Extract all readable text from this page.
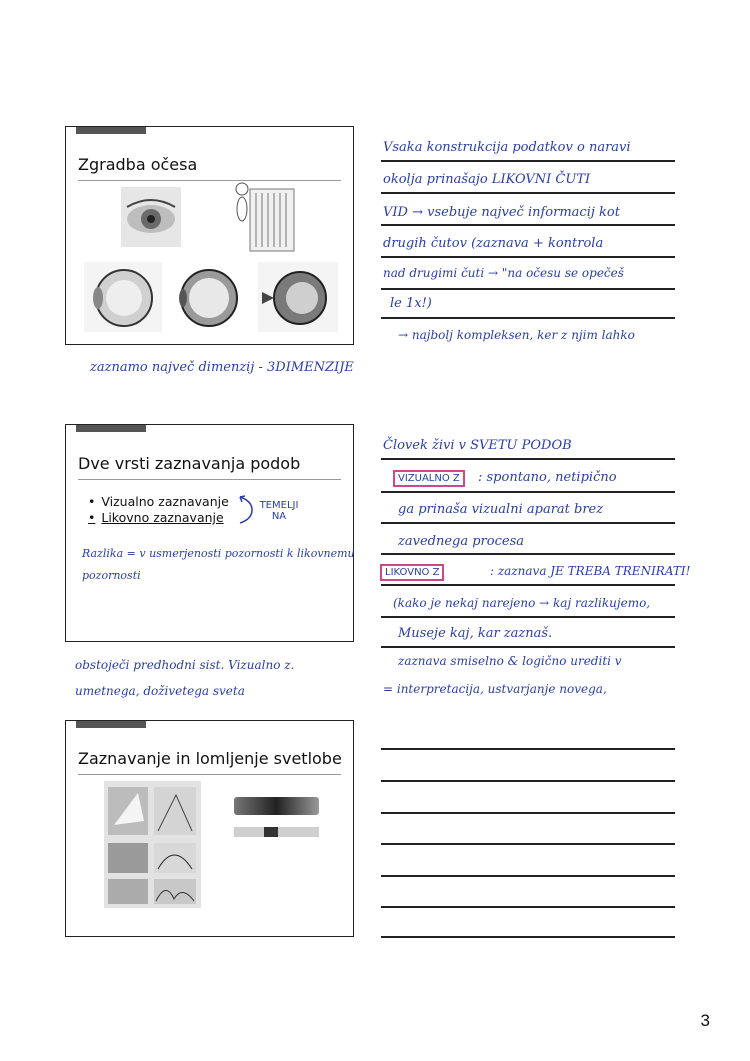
Zgradba očesa
Vsaka konstrukcija podatkov o naravi
okolja prinašajo LIKOVNI ČUTI
VID → vsebuje največ informacij kot
drugih čutov (zaznava + kontrola
nad drugimi čuti → "na očesu se opečeš
le 1x!)
→ najbolj kompleksen, ker z njim lahko
zaznamo največ dimenzij - 3DIMENZIJE
Dve vrsti zaznavanja podob
• Vizualno zaznavanje
• Likovno zaznavanje
TEMELJI NA
Razlika = v usmerjenosti pozornosti k likovnemu
pozornosti
Človek živi v SVETU PODOB
VIZUALNO Z	: spontano, netipično
ga prinaša vizualni aparat brez
zavednega procesa
LIKOVNO Z	: zaznava JE TREBA TRENIRATI!
(kako je nekaj narejeno → kaj razlikujemo,
Museje kaj, kar zaznaš.
zaznava smiselno & logično urediti v
= interpretacija, ustvarjanje novega,
obstoječi predhodni sist. Vizualno z.
umetnega, doživetega sveta
Zaznavanje in lomljenje svetlobe
3
